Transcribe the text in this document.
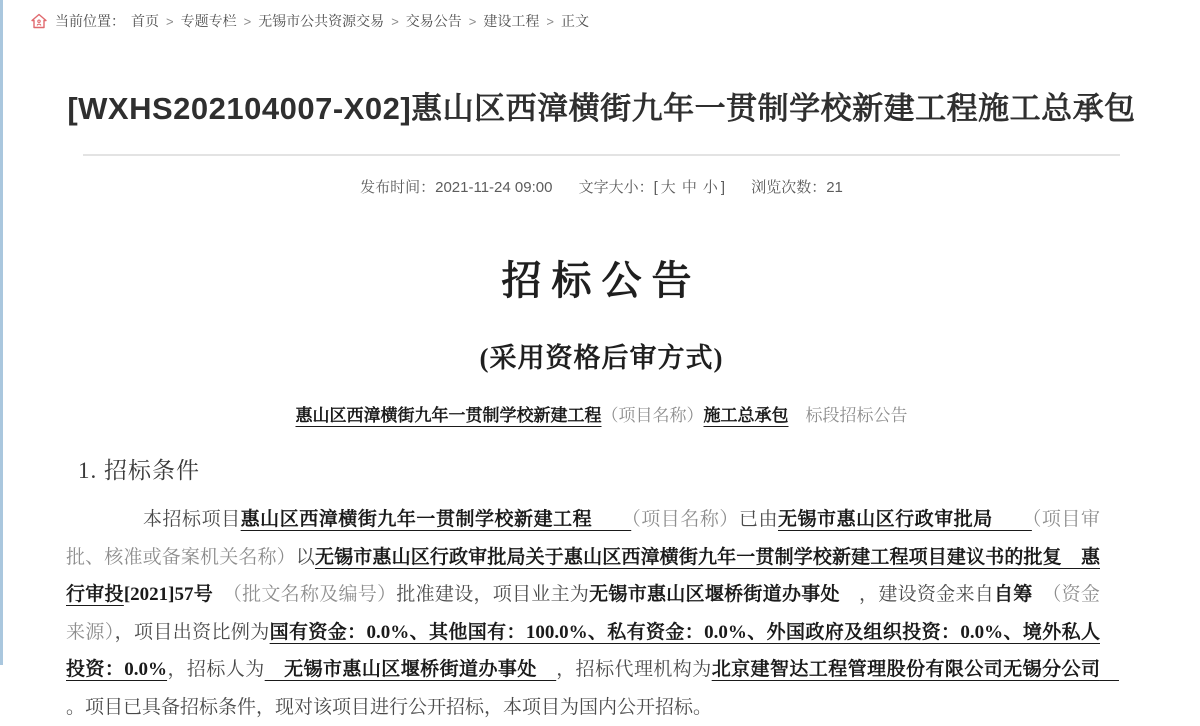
当前位置： 首页 > 专题专栏 > 无锡市公共资源交易 > 交易公告 > 建设工程 > 正文
[WXHS202104007-X02]惠山区西漳横街九年一贯制学校新建工程施工总承包
发布时间：2021-11-24 09:00 文字大小：[ 大 中 小 ] 浏览次数：21
招标公告
(采用资格后审方式)
惠山区西漳横街九年一贯制学校新建工程（项目名称）施工总承包　标段招标公告
1. 招标条件
本招标项目惠山区西漳横街九年一贯制学校新建工程　　（项目名称）已由无锡市惠山区行政审批局　　（项目审批、核准或备案机关名称）以无锡市惠山区行政审批局关于惠山区西漳横街九年一贯制学校新建工程项目建议书的批复　惠行审投[2021]57号　 （批文名称及编号）批准建设，项目业主为无锡市惠山区堰桥街道办事处　，建设资金来自自筹　 （资金来源），项目出资比例为国有资金：0.0%、其他国有：100.0%、私有资金：0.0%、外国政府及组织投资：0.0%、境外私人投资：0.0%，招标人为　无锡市惠山区堰桥街道办事处　，招标代理机构为北京建智达工程管理股份有限公司无锡分公司　。项目已具备招标条件，现对该项目进行公开招标，本项目为国内公开招标。
